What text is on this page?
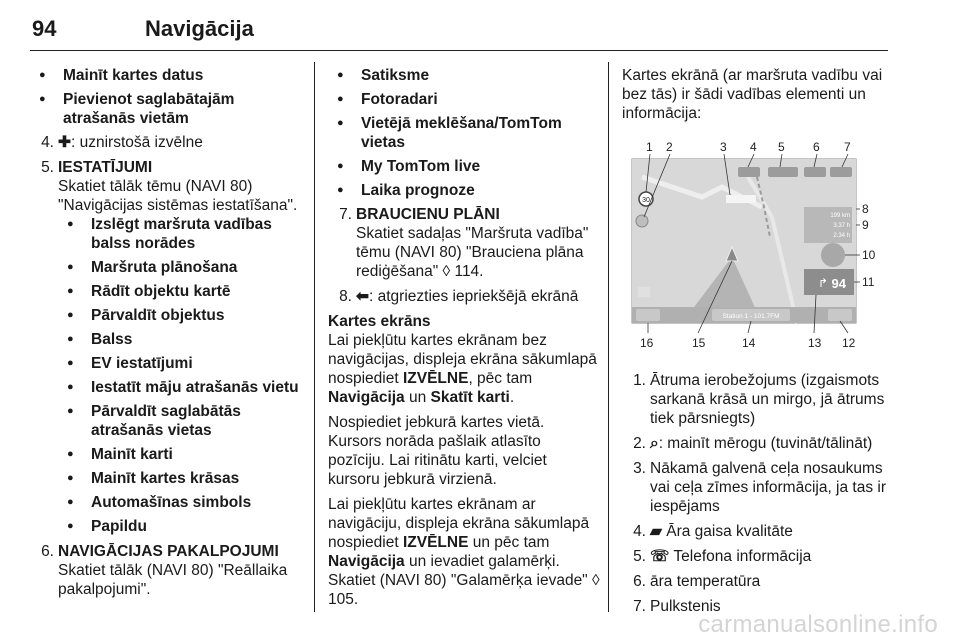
94	Navigācija
● Mainīt kartes datus
● Pievienot saglabātajām atrašanās vietām
4. ✚: uznirstošā izvēlne
5. IESTATĪJUMI
Skatiet tālāk tēmu (NAVI 80) "Navigācijas sistēmas iestatīšana".
● Izslēgt maršruta vadības balss norādes
● Maršruta plānošana
● Rādīt objektu kartē
● Pārvaldīt objektus
● Balss
● EV iestatījumi
● Iestatīt māju atrašanās vietu
● Pārvaldīt saglabātās atrašanās vietas
● Mainīt karti
● Mainīt kartes krāsas
● Automašīnas simbols
● Papildu
6. NAVIGĀCIJAS PAKALPOJUMI
Skatiet tālāk (NAVI 80) "Reāllaika pakalpojumi".
● Satiksme
● Fotoradari
● Vietējā meklēšana/TomTom vietas
● My TomTom live
● Laika prognoze
7. BRAUCIENU PLĀNI
Skatiet sadaļas "Maršruta vadība" tēmu (NAVI 80) "Brauciena plāna rediģēšana" ◊ 114.
8. ⬅: atgriezties iepriekšējā ekrānā
Kartes ekrāns

Lai piekļūtu kartes ekrānam bez navigācijas, displeja ekrāna sākumlapā nospiediet IZVĒLNE, pēc tam Navigācija un Skatīt karti.

Nospiediet jebkurā kartes vietā. Kursors norāda pašlaik atlasīto pozīciju. Lai ritinātu karti, velciet kursoru jebkurā virzienā.

Lai piekļūtu kartes ekrānam ar navigāciju, displeja ekrāna sākumlapā nospiediet IZVĒLNE un pēc tam Navigācija un ievadiet galamērķi. Skatiet (NAVI 80) "Galamērķa ievade" ◊ 105.

Kartes ekrānā (ar maršruta vadību vai bez tās) ir šādi vadības elementi un informācija:

1 2	3 4 5 6 7
30
199 km
3.37 h
2.34 h
↱ 94
Station 1 - 101.7FM
8
9
10
11
16	15	14	13 12
1. Ātruma ierobežojums (izgaismots sarkanā krāsā un mirgo, jā ātrums tiek pārsniegts)
2. ⌕: mainīt mērogu (tuvināt/tālināt)
3. Nākamā galvenā ceļa nosaukums vai ceļa zīmes informācija, ja tas ir iespējams
4. ▰ Āra gaisa kvalitāte
5. ☏ Telefona informācija
6. āra temperatūra
7. Pulkstenis
carmanualsonline.info
